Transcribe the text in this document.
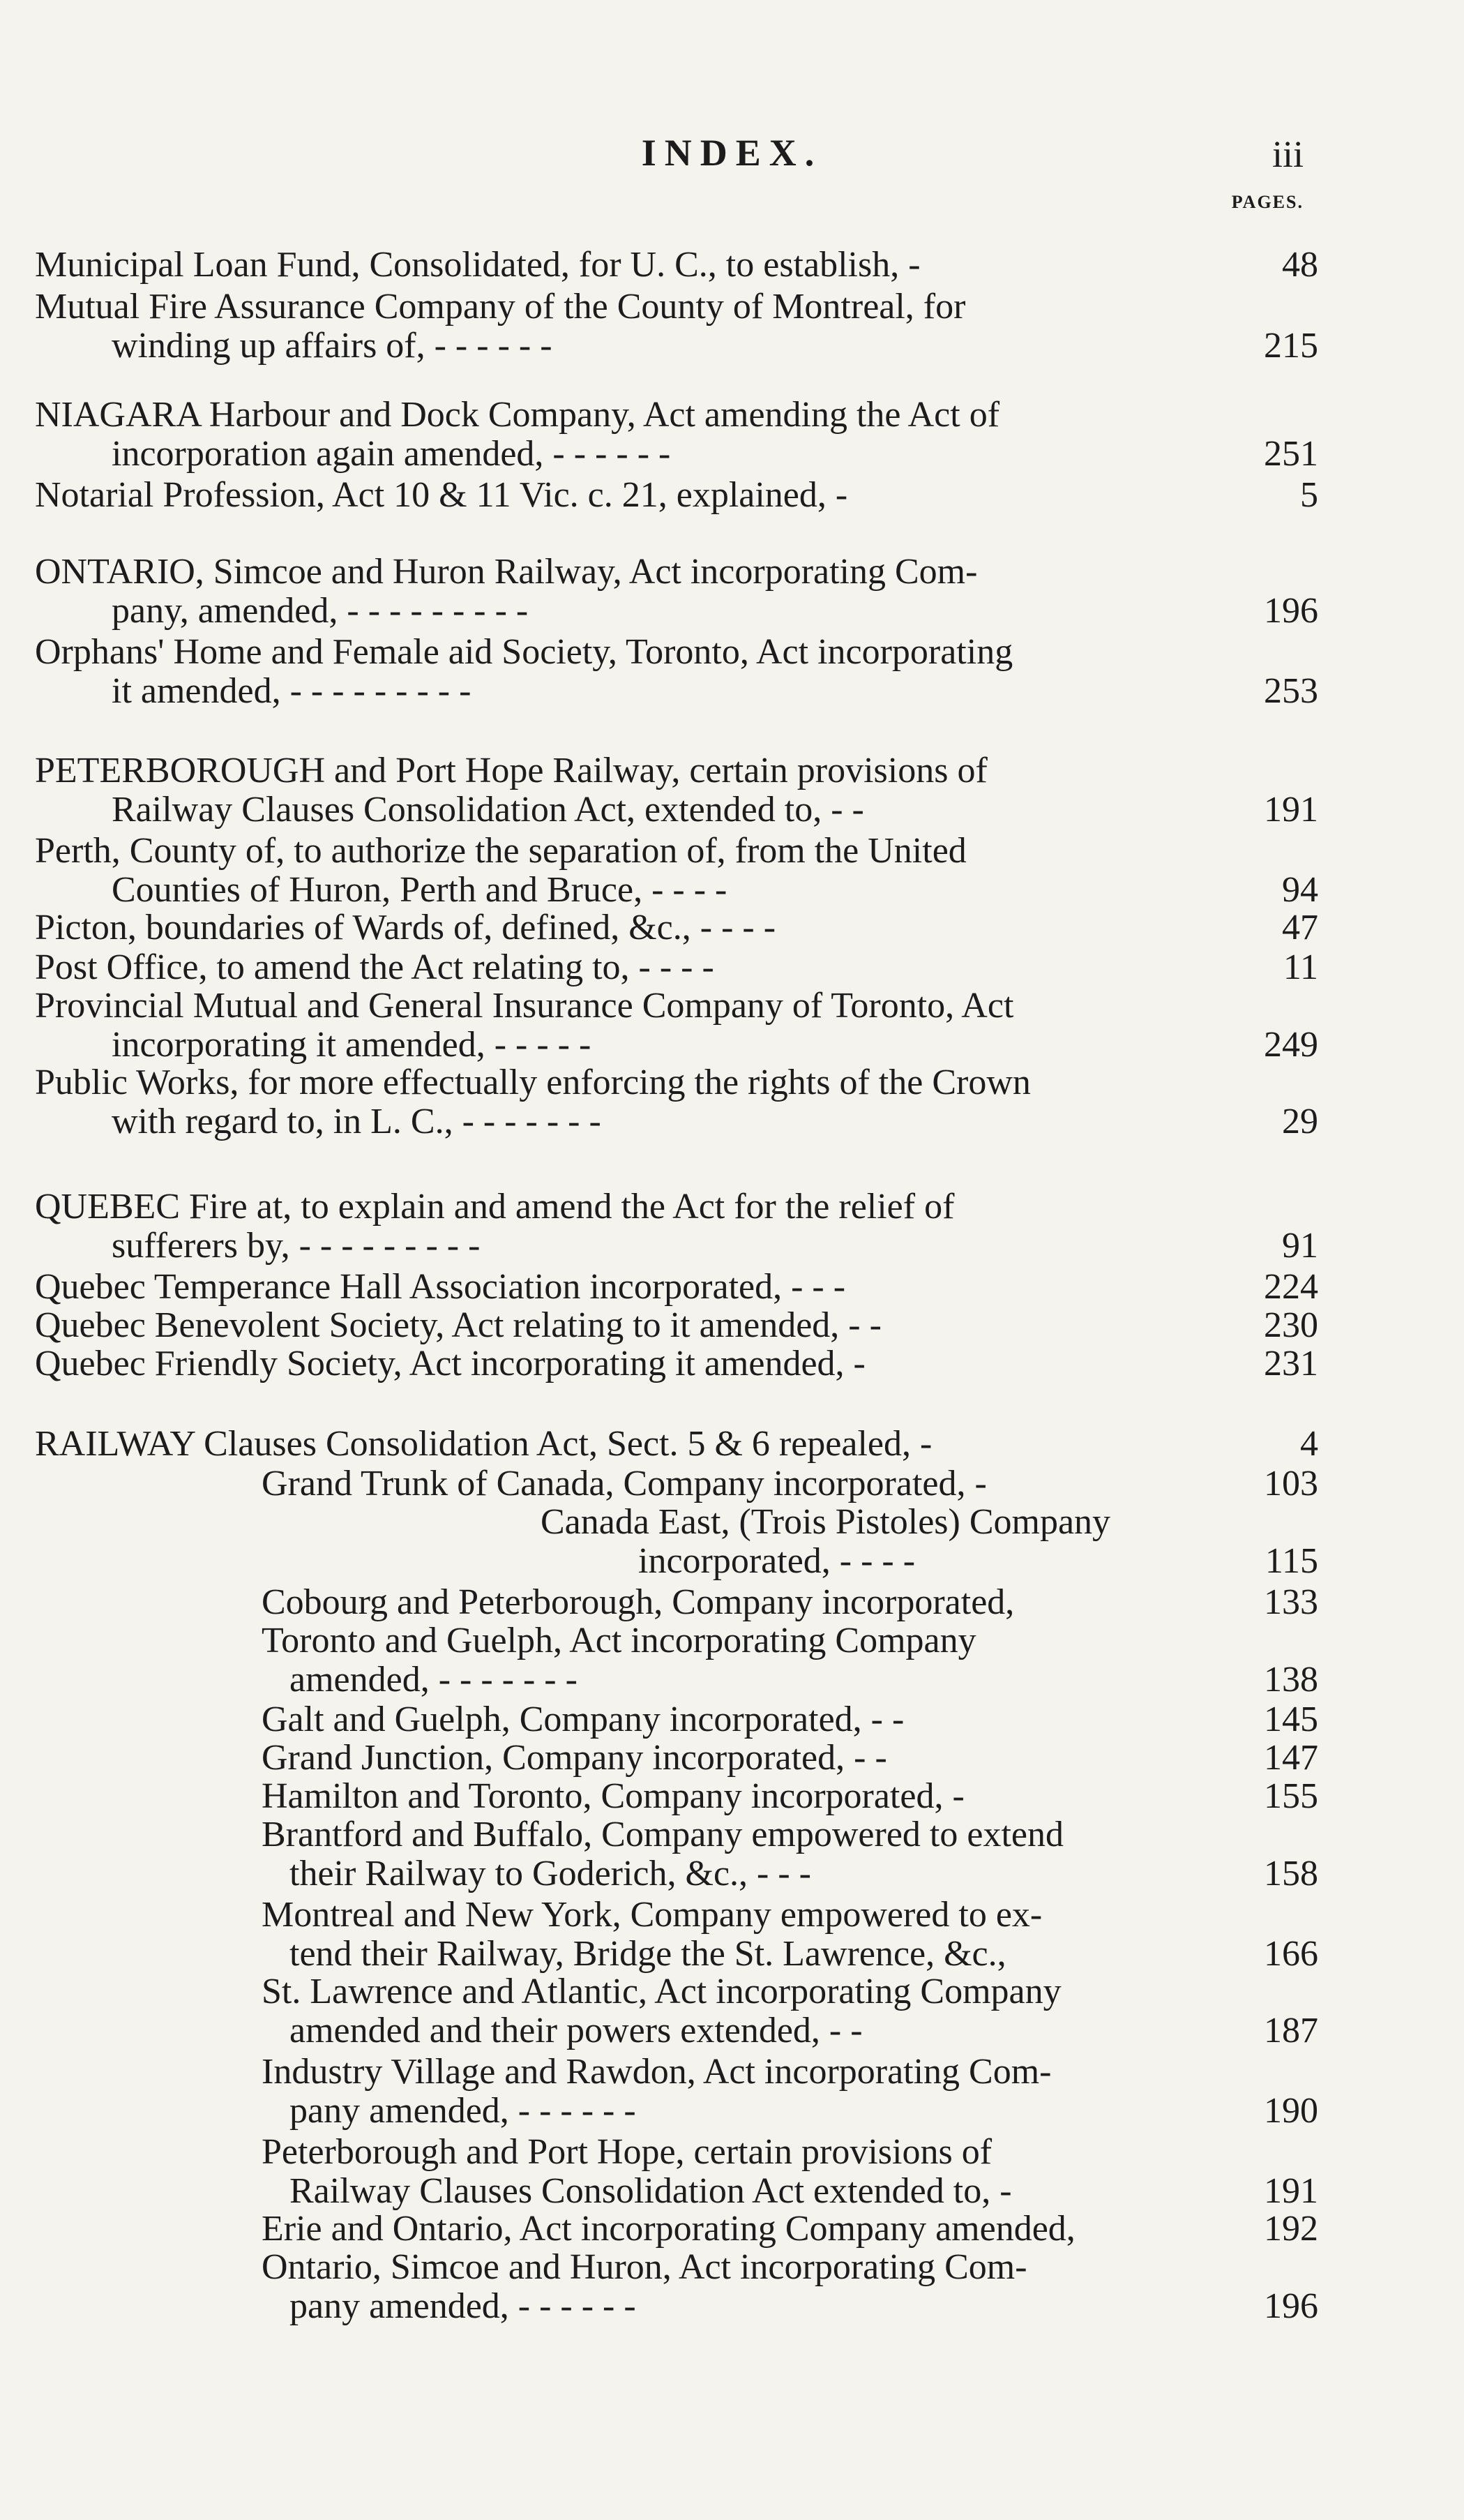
INDEX.	iii
PAGES.
Municipal Loan Fund, Consolidated, for U. C., to establish, -	48
Mutual Fire Assurance Company of the County of Montreal, for
winding up affairs of, - - - - - -	215
NIAGARA Harbour and Dock Company, Act amending the Act of
incorporation again amended, - - - - - -	251
Notarial Profession, Act 10 & 11 Vic. c. 21, explained, -	5
ONTARIO, Simcoe and Huron Railway, Act incorporating Com-
pany, amended, - - - - - - - - -	196
Orphans' Home and Female aid Society, Toronto, Act incorporating
it amended, - - - - - - - - -	253
PETERBOROUGH and Port Hope Railway, certain provisions of
Railway Clauses Consolidation Act, extended to, - -	191
Perth, County of, to authorize the separation of, from the United
Counties of Huron, Perth and Bruce, - - - -	94
Picton, boundaries of Wards of, defined, &c., - - - -	47
Post Office, to amend the Act relating to, - - - -	11
Provincial Mutual and General Insurance Company of Toronto, Act
incorporating it amended, - - - - -	249
Public Works, for more effectually enforcing the rights of the Crown
with regard to, in L. C., - - - - - - -	29
QUEBEC Fire at, to explain and amend the Act for the relief of
sufferers by, - - - - - - - - -	91
Quebec Temperance Hall Association incorporated, - - -	224
Quebec Benevolent Society, Act relating to it amended, - -	230
Quebec Friendly Society, Act incorporating it amended, -	231
RAILWAY Clauses Consolidation Act, Sect. 5 & 6 repealed, -	4
Grand Trunk of Canada, Company incorporated, -	103
Canada East, (Trois Pistoles) Company
incorporated, - - - -	115
Cobourg and Peterborough, Company incorporated,	133
Toronto and Guelph, Act incorporating Company
amended, - - - - - - -	138
Galt and Guelph, Company incorporated, - -	145
Grand Junction, Company incorporated, - -	147
Hamilton and Toronto, Company incorporated, -	155
Brantford and Buffalo, Company empowered to extend
their Railway to Goderich, &c., - - -	158
Montreal and New York, Company empowered to ex-
tend their Railway, Bridge the St. Lawrence, &c.,	166
St. Lawrence and Atlantic, Act incorporating Company
amended and their powers extended, - -	187
Industry Village and Rawdon, Act incorporating Com-
pany amended, - - - - - -	190
Peterborough and Port Hope, certain provisions of
Railway Clauses Consolidation Act extended to, -	191
Erie and Ontario, Act incorporating Company amended,	192
Ontario, Simcoe and Huron, Act incorporating Com-
pany amended, - - - - - -	196
